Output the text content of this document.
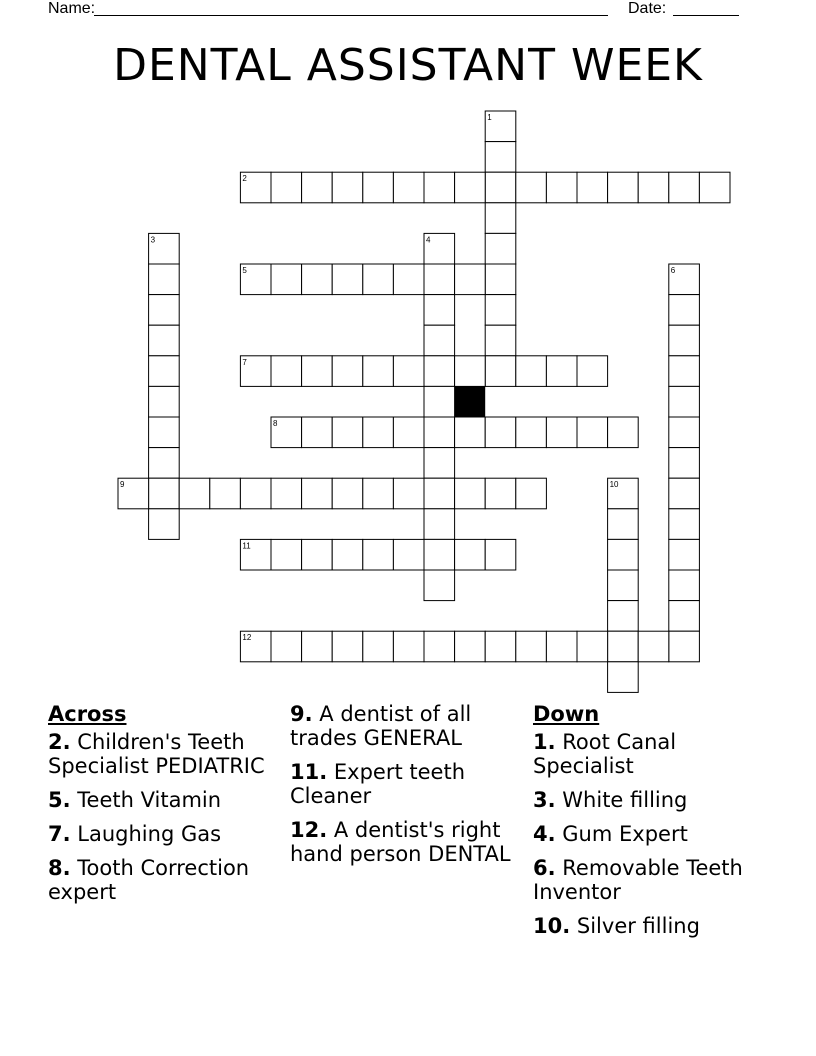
Name:	Date:
DENTAL ASSISTANT WEEK
1
2
3	4
5	6
7
8
9	10
11
12
Across
2. Children's Teeth Specialist PEDIATRIC
5. Teeth Vitamin
7. Laughing Gas
8. Tooth Correction expert
9. A dentist of all trades GENERAL
11. Expert teeth Cleaner
12. A dentist's right hand person DENTAL
Down
1. Root Canal Specialist
3. White filling
4. Gum Expert
6. Removable Teeth Inventor
10. Silver filling
